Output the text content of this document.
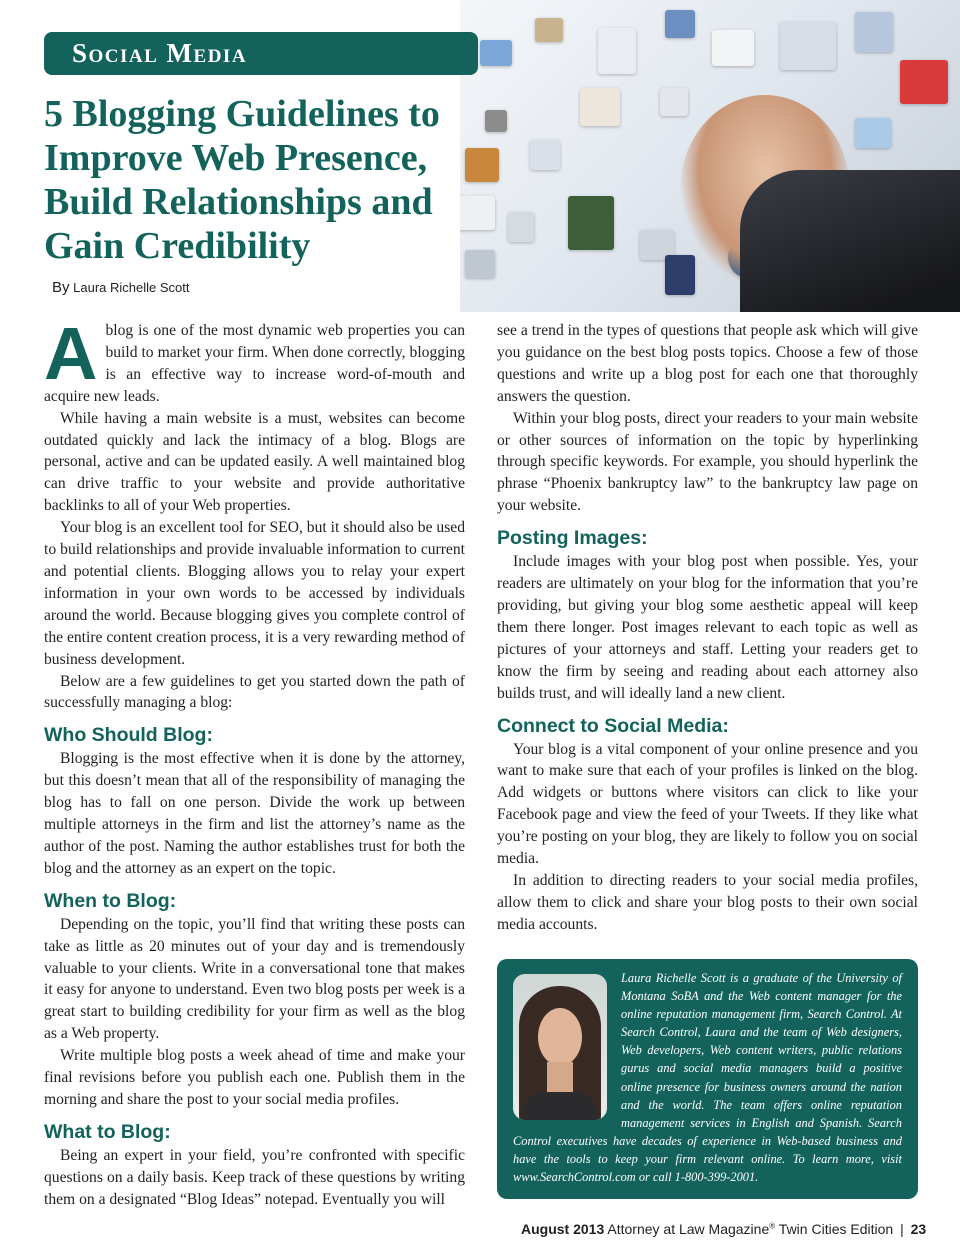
Social Media
5 Blogging Guidelines to
Improve Web Presence,
Build Relationships and
Gain Credibility
By Laura Richelle Scott

Ablog is one of the most dynamic web properties you can build to market your firm. When done correctly, blogging is an effective way to increase word-of-mouth and acquire new leads.

While having a main website is a must, websites can become outdated quickly and lack the intimacy of a blog. Blogs are personal, active and can be updated easily. A well maintained blog can drive traffic to your website and provide authoritative backlinks to all of your Web properties.

Your blog is an excellent tool for SEO, but it should also be used to build relationships and provide invaluable information to current and potential clients. Blogging allows you to relay your expert information in your own words to be accessed by individuals around the world. Because blogging gives you complete control of the entire content creation process, it is a very rewarding method of business development.

Below are a few guidelines to get you started down the path of successfully managing a blog:

Who Should Blog:

Blogging is the most effective when it is done by the attorney, but this doesn’t mean that all of the responsibility of managing the blog has to fall on one person. Divide the work up between multiple attorneys in the firm and list the attorney’s name as the author of the post. Naming the author establishes trust for both the blog and the attorney as an expert on the topic.

When to Blog:

Depending on the topic, you’ll find that writing these posts can take as little as 20 minutes out of your day and is tremendously valuable to your clients. Write in a conversational tone that makes it easy for anyone to understand. Even two blog posts per week is a great start to building credibility for your firm as well as the blog as a Web property.

Write multiple blog posts a week ahead of time and make your final revisions before you publish each one. Publish them in the morning and share the post to your social media profiles.

What to Blog:

Being an expert in your field, you’re confronted with specific questions on a daily basis. Keep track of these questions by writing them on a designated “Blog Ideas” notepad. Eventually you will

see a trend in the types of questions that people ask which will give you guidance on the best blog posts topics. Choose a few of those questions and write up a blog post for each one that thoroughly answers the question.

Within your blog posts, direct your readers to your main website or other sources of information on the topic by hyperlinking through specific keywords. For example, you should hyperlink the phrase “Phoenix bankruptcy law” to the bankruptcy law page on your website.

Posting Images:

Include images with your blog post when possible. Yes, your readers are ultimately on your blog for the information that you’re providing, but giving your blog some aesthetic appeal will keep them there longer. Post images relevant to each topic as well as pictures of your attorneys and staff. Letting your readers get to know the firm by seeing and reading about each attorney also builds trust, and will ideally land a new client.

Connect to Social Media:

Your blog is a vital component of your online presence and you want to make sure that each of your profiles is linked on the blog. Add widgets or buttons where visitors can click to like your Facebook page and view the feed of your Tweets. If they like what you’re posting on your blog, they are likely to follow you on social media.

In addition to directing readers to your social media profiles, allow them to click and share your blog posts to their own social media accounts.

Laura Richelle Scott is a graduate of the University of Montana SoBA and the Web content manager for the online reputation management firm, Search Control. At Search Control, Laura and the team of Web designers, Web developers, Web content writers, public relations gurus and social media managers build a positive online presence for business owners around the nation and the world. The team offers online reputation management services in English and Spanish. Search Control executives have decades of experience in Web-based business and have the tools to keep your firm relevant online. To learn more, visit www.SearchControl.com or call 1-800-399-2001.
August 2013 Attorney at Law Magazine® Twin Cities Edition | 23
